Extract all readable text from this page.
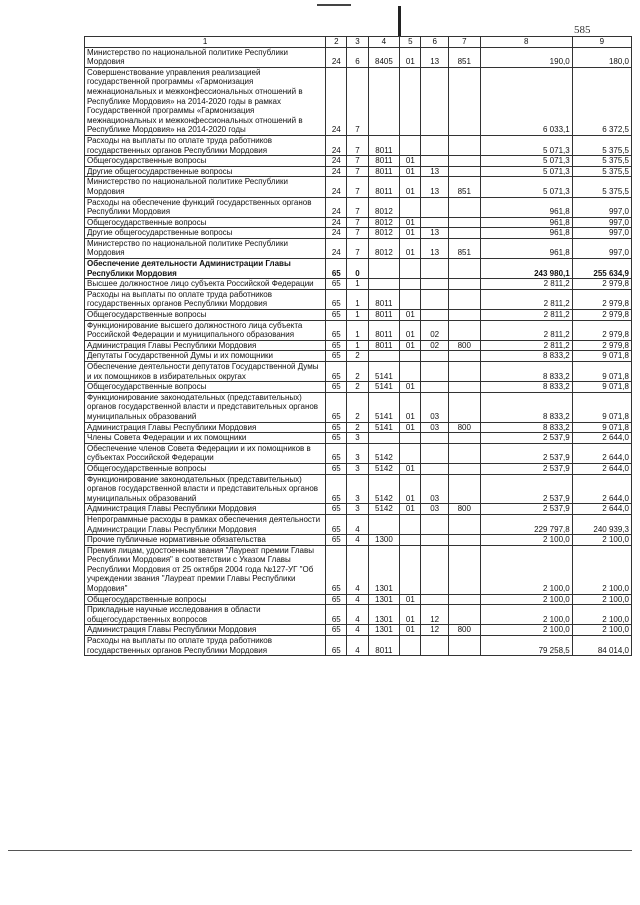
585
1	2	3	4	5	6	7	8	9
Министерство по национальной политике Республики Мордовия	24	6	8405	01	13	851	190,0	180,0
Совершенствование управления реализацией государственной программы «Гармонизация межнациональных и межконфессиональных отношений в Республике Мордовия» на 2014-2020 годы в рамках Государственной программы «Гармонизация межнациональных и межконфессиональных отношений в Республике Мордовия» на 2014-2020 годы	24	7					6 033,1	6 372,5
Расходы на выплаты по оплате труда работников государственных органов Республики Мордовия	24	7	8011				5 071,3	5 375,5
Общегосударственные вопросы	24	7	8011	01			5 071,3	5 375,5
Другие общегосударственные вопросы	24	7	8011	01	13		5 071,3	5 375,5
Министерство по национальной политике Республики Мордовия	24	7	8011	01	13	851	5 071,3	5 375,5
Расходы на обеспечение функций государственных органов Республики Мордовия	24	7	8012				961,8	997,0
Общегосударственные вопросы	24	7	8012	01			961,8	997,0
Другие общегосударственные вопросы	24	7	8012	01	13		961,8	997,0
Министерство по национальной политике Республики Мордовия	24	7	8012	01	13	851	961,8	997,0
Обеспечение деятельности Администрации Главы Республики Мордовия	65	0					243 980,1	255 634,9
Высшее должностное лицо субъекта Российской Федерации	65	1					2 811,2	2 979,8
Расходы на выплаты по оплате труда работников государственных органов Республики Мордовия	65	1	8011				2 811,2	2 979,8
Общегосударственные вопросы	65	1	8011	01			2 811,2	2 979,8
Функционирование высшего должностного лица субъекта Российской Федерации и муниципального образования	65	1	8011	01	02		2 811,2	2 979,8
Администрация Главы Республики Мордовия	65	1	8011	01	02	800	2 811,2	2 979,8
Депутаты Государственной Думы и их помощники	65	2					8 833,2	9 071,8
Обеспечение деятельности депутатов Государственной Думы и их помощников в избирательных округах	65	2	5141				8 833,2	9 071,8
Общегосударственные вопросы	65	2	5141	01			8 833,2	9 071,8
Функционирование законодательных (представительных) органов государственной власти и представительных органов муниципальных образований	65	2	5141	01	03		8 833,2	9 071,8
Администрация Главы Республики Мордовия	65	2	5141	01	03	800	8 833,2	9 071,8
Члены Совета Федерации и их помощники	65	3					2 537,9	2 644,0
Обеспечение членов Совета Федерации и их помощников в субъектах Российской Федерации	65	3	5142				2 537,9	2 644,0
Общегосударственные вопросы	65	3	5142	01			2 537,9	2 644,0
Функционирование законодательных (представительных) органов государственной власти и представительных органов муниципальных образований	65	3	5142	01	03		2 537,9	2 644,0
Администрация Главы Республики Мордовия	65	3	5142	01	03	800	2 537,9	2 644,0
Непрограммные расходы в рамках обеспечения деятельности Администрации Главы Республики Мордовия	65	4					229 797,8	240 939,3
Прочие публичные нормативные обязательства	65	4	1300				2 100,0	2 100,0
Премия лицам, удостоенным звания "Лауреат премии Главы Республики Мордовия" в соответствии с Указом Главы Республики Мордовия от 25 октября 2004 года №127-УГ "Об учреждении звания "Лауреат премии Главы Республики Мордовия"	65	4	1301				2 100,0	2 100,0
Общегосударственные вопросы	65	4	1301	01			2 100,0	2 100,0
Прикладные научные исследования в области общегосударственных вопросов	65	4	1301	01	12		2 100,0	2 100,0
Администрация Главы Республики Мордовия	65	4	1301	01	12	800	2 100,0	2 100,0
Расходы на выплаты по оплате труда работников государственных органов Республики Мордовия	65	4	8011				79 258,5	84 014,0
